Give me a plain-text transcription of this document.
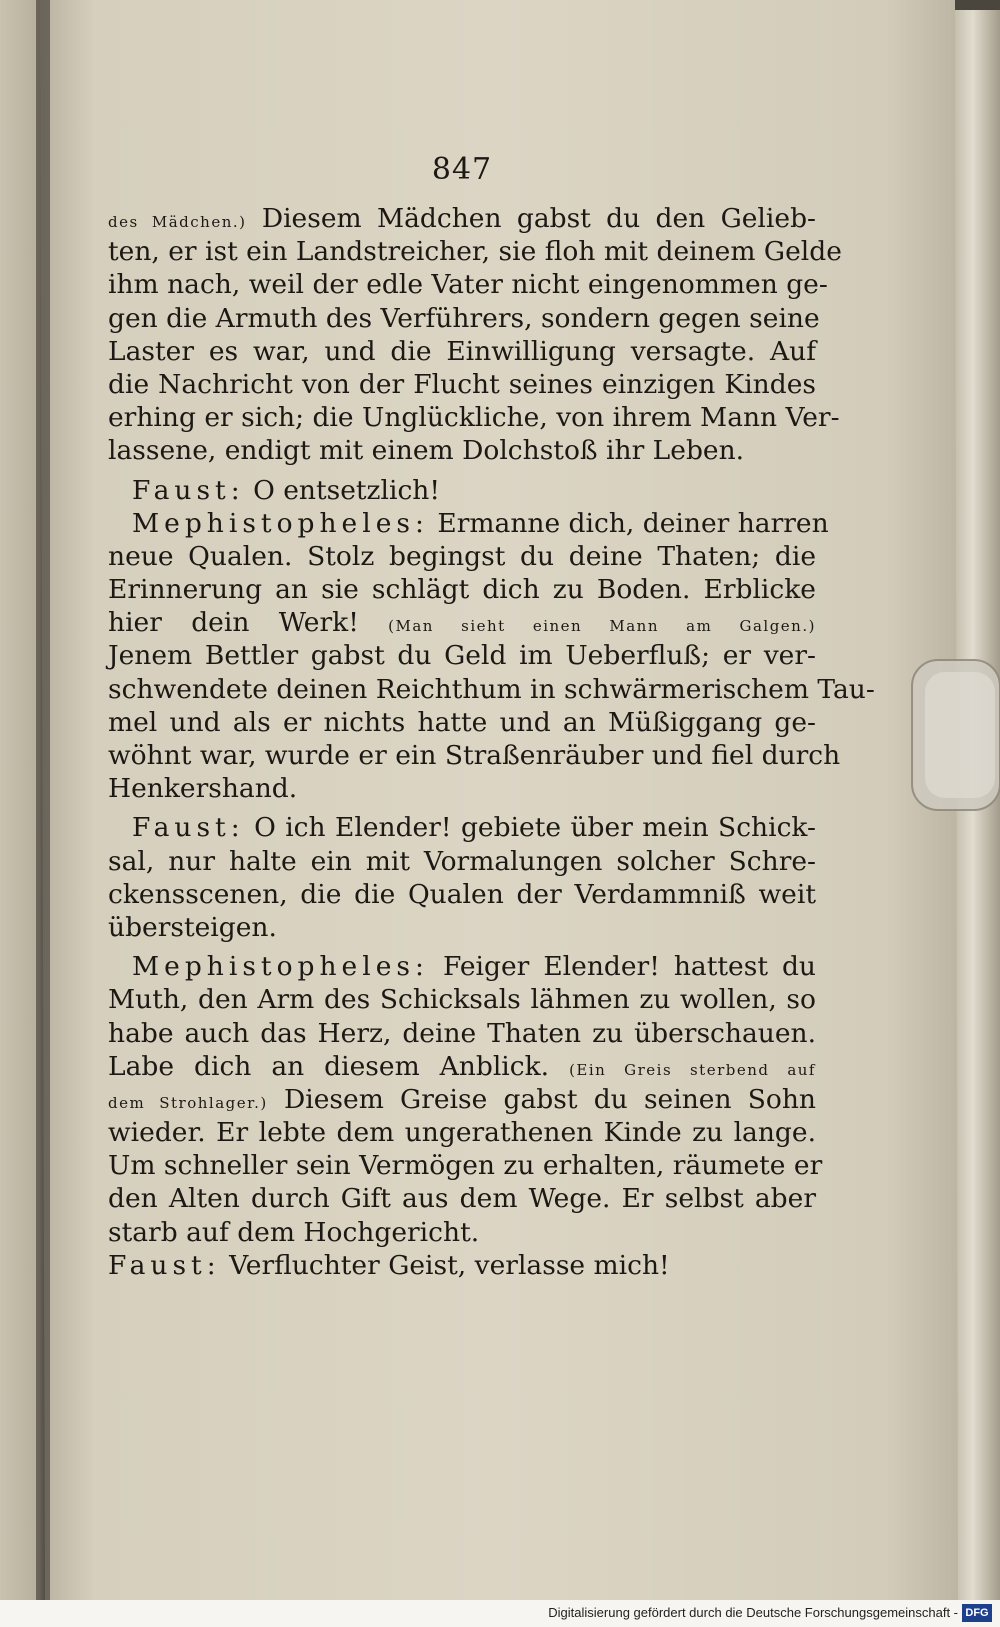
847
des Mädchen.) Diesem Mädchen gabst du den Gelieb-
ten, er ist ein Landstreicher, sie floh mit deinem Gelde
ihm nach, weil der edle Vater nicht eingenommen ge-
gen die Armuth des Verführers, sondern gegen seine
Laster es war, und die Einwilligung versagte. Auf
die Nachricht von der Flucht seines einzigen Kindes
erhing er sich; die Unglückliche, von ihrem Mann Ver-
lassene, endigt mit einem Dolchstoß ihr Leben.
Faust: O entsetzlich!
Mephistopheles: Ermanne dich, deiner harren
neue Qualen. Stolz begingst du deine Thaten; die
Erinnerung an sie schlägt dich zu Boden. Erblicke
hier dein Werk! (Man sieht einen Mann am Galgen.)
Jenem Bettler gabst du Geld im Ueberfluß; er ver-
schwendete deinen Reichthum in schwärmerischem Tau-
mel und als er nichts hatte und an Müßiggang ge-
wöhnt war, wurde er ein Straßenräuber und fiel durch
Henkershand.
Faust: O ich Elender! gebiete über mein Schick-
sal, nur halte ein mit Vormalungen solcher Schre-
ckensscenen, die die Qualen der Verdammniß weit
übersteigen.
Mephistopheles: Feiger Elender! hattest du
Muth, den Arm des Schicksals lähmen zu wollen, so
habe auch das Herz, deine Thaten zu überschauen.
Labe dich an diesem Anblick. (Ein Greis sterbend auf
dem Strohlager.) Diesem Greise gabst du seinen Sohn
wieder. Er lebte dem ungerathenen Kinde zu lange.
Um schneller sein Vermögen zu erhalten, räumete er
den Alten durch Gift aus dem Wege. Er selbst aber
starb auf dem Hochgericht.
Faust: Verfluchter Geist, verlasse mich!
Digitalisierung gefördert durch die Deutsche Forschungsgemeinschaft - DFG
